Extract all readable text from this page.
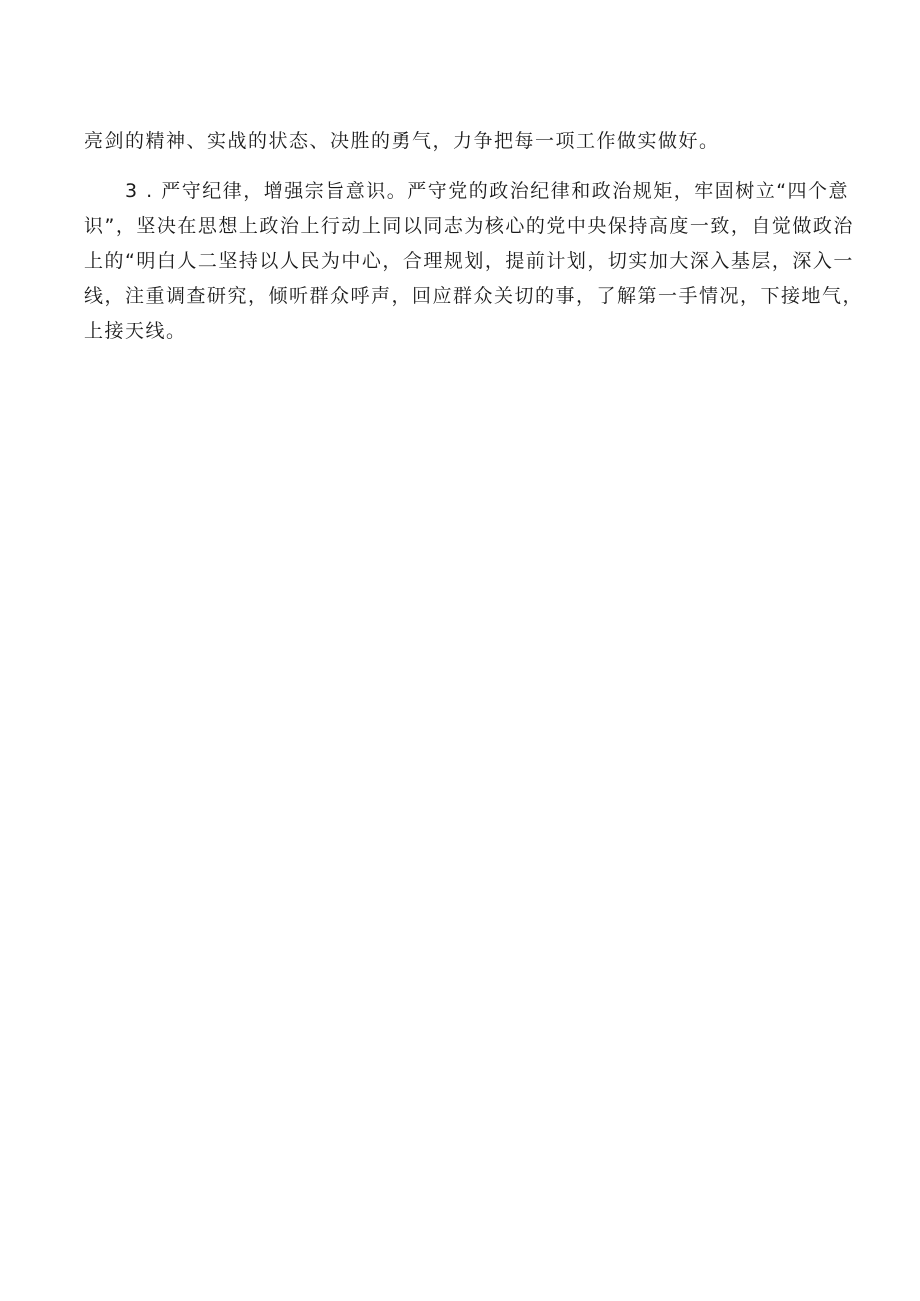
亮剑的精神、实战的状态、决胜的勇气，力争把每一项工作做实做好。
3 . 严守纪律，增强宗旨意识。严守党的政治纪律和政治规矩，牢固树立“四个意
识”，坚决在思想上政治上行动上同以同志为核心的党中央保持高度一致，自觉做政治
上的“明白人二坚持以人民为中心，合理规划，提前计划，切实加大深入基层，深入一
线，注重调查研究，倾听群众呼声，回应群众关切的事，了解第一手情况，下接地气，
上接天线。
